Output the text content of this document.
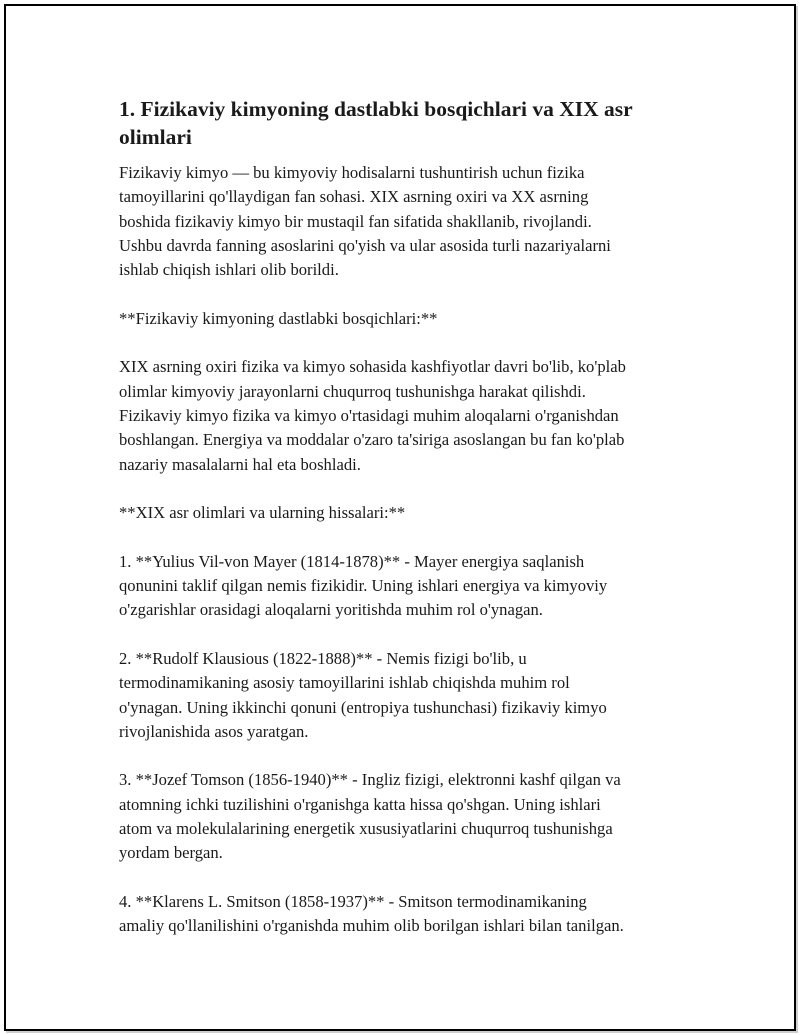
1. Fizikaviy kimyoning dastlabki bosqichlari va XIX asr
olimlari

Fizikaviy kimyo — bu kimyoviy hodisalarni tushuntirish uchun fizika
tamoyillarini qo'llaydigan fan sohasi. XIX asrning oxiri va XX asrning
boshida fizikaviy kimyo bir mustaqil fan sifatida shakllanib, rivojlandi.
Ushbu davrda fanning asoslarini qo'yish va ular asosida turli nazariyalarni
ishlab chiqish ishlari olib borildi.

**Fizikaviy kimyoning dastlabki bosqichlari:**

XIX asrning oxiri fizika va kimyo sohasida kashfiyotlar davri bo'lib, ko'plab
olimlar kimyoviy jarayonlarni chuqurroq tushunishga harakat qilishdi.
Fizikaviy kimyo fizika va kimyo o'rtasidagi muhim aloqalarni o'rganishdan
boshlangan. Energiya va moddalar o'zaro ta'siriga asoslangan bu fan ko'plab
nazariy masalalarni hal eta boshladi.

**XIX asr olimlari va ularning hissalari:**

1. **Yulius Vil-von Mayer (1814-1878)** - Mayer energiya saqlanish
qonunini taklif qilgan nemis fizikidir. Uning ishlari energiya va kimyoviy
o'zgarishlar orasidagi aloqalarni yoritishda muhim rol o'ynagan.

2. **Rudolf Klausious (1822-1888)** - Nemis fizigi bo'lib, u
termodinamikaning asosiy tamoyillarini ishlab chiqishda muhim rol
o'ynagan. Uning ikkinchi qonuni (entropiya tushunchasi) fizikaviy kimyo
rivojlanishida asos yaratgan.

3. **Jozef Tomson (1856-1940)** - Ingliz fizigi, elektronni kashf qilgan va
atomning ichki tuzilishini o'rganishga katta hissa qo'shgan. Uning ishlari
atom va molekulalarining energetik xususiyatlarini chuqurroq tushunishga
yordam bergan.

4. **Klarens L. Smitson (1858-1937)** - Smitson termodinamikaning
amaliy qo'llanilishini o'rganishda muhim olib borilgan ishlari bilan tanilgan.
